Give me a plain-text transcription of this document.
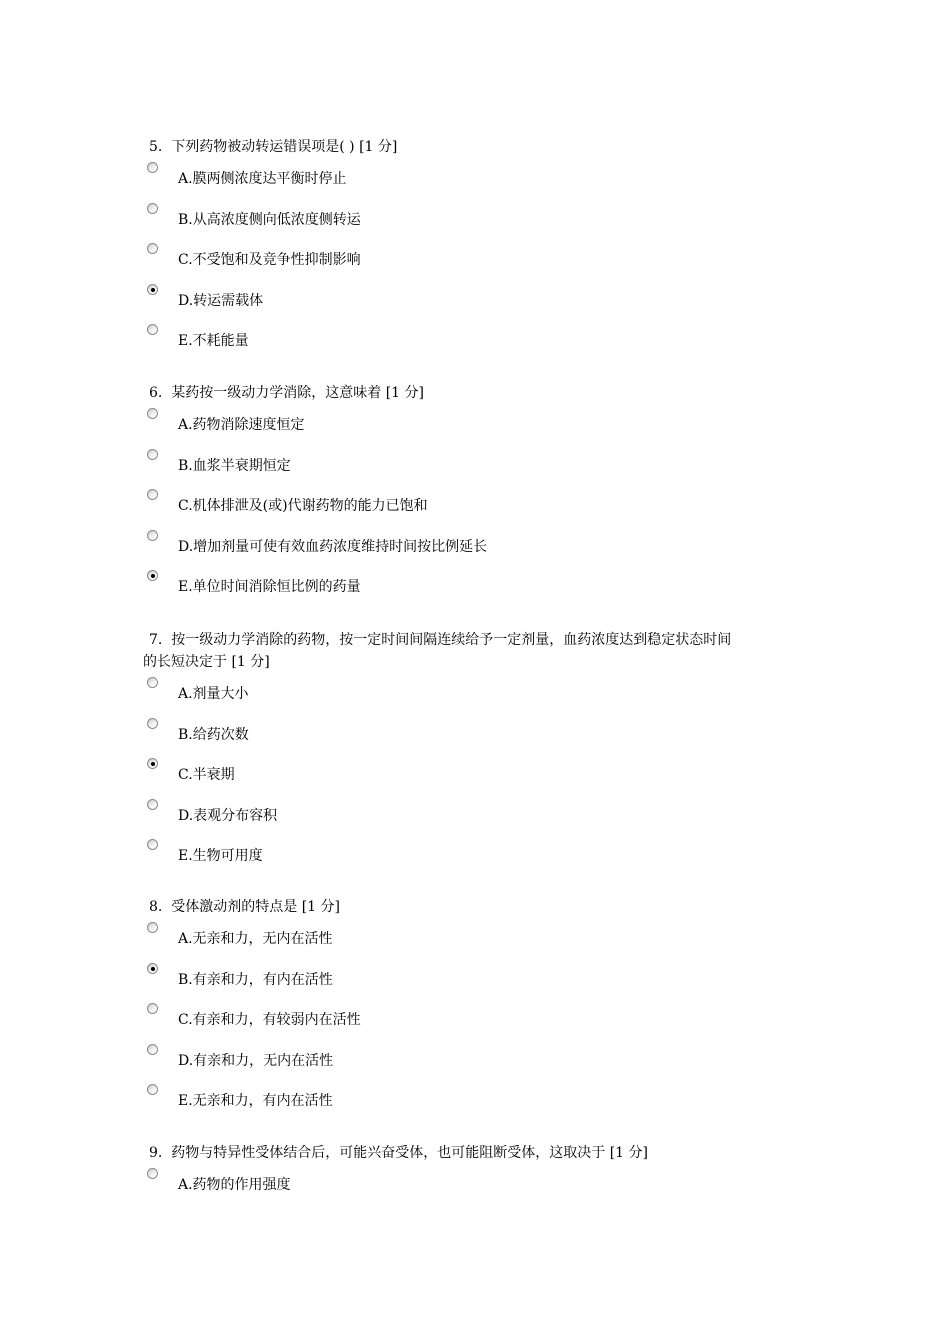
5.  下列药物被动转运错误项是( ) [1 分]

A.膜两侧浓度达平衡时停止
B.从高浓度侧向低浓度侧转运
C.不受饱和及竞争性抑制影响
D.转运需载体
E.不耗能量

6.  某药按一级动力学消除，这意味着 [1 分]

A.药物消除速度恒定
B.血浆半衰期恒定
C.机体排泄及(或)代谢药物的能力已饱和
D.增加剂量可使有效血药浓度维持时间按比例延长
E.单位时间消除恒比例的药量

7.  按一级动力学消除的药物，按一定时间间隔连续给予一定剂量，血药浓度达到稳定状态时间

的长短决定于 [1 分]

A.剂量大小
B.给药次数
C.半衰期
D.表观分布容积
E.生物可用度

8.  受体激动剂的特点是 [1 分]

A.无亲和力，无内在活性
B.有亲和力，有内在活性
C.有亲和力，有较弱内在活性
D.有亲和力，无内在活性
E.无亲和力，有内在活性

9.  药物与特异性受体结合后，可能兴奋受体，也可能阻断受体，这取决于 [1 分]

A.药物的作用强度
